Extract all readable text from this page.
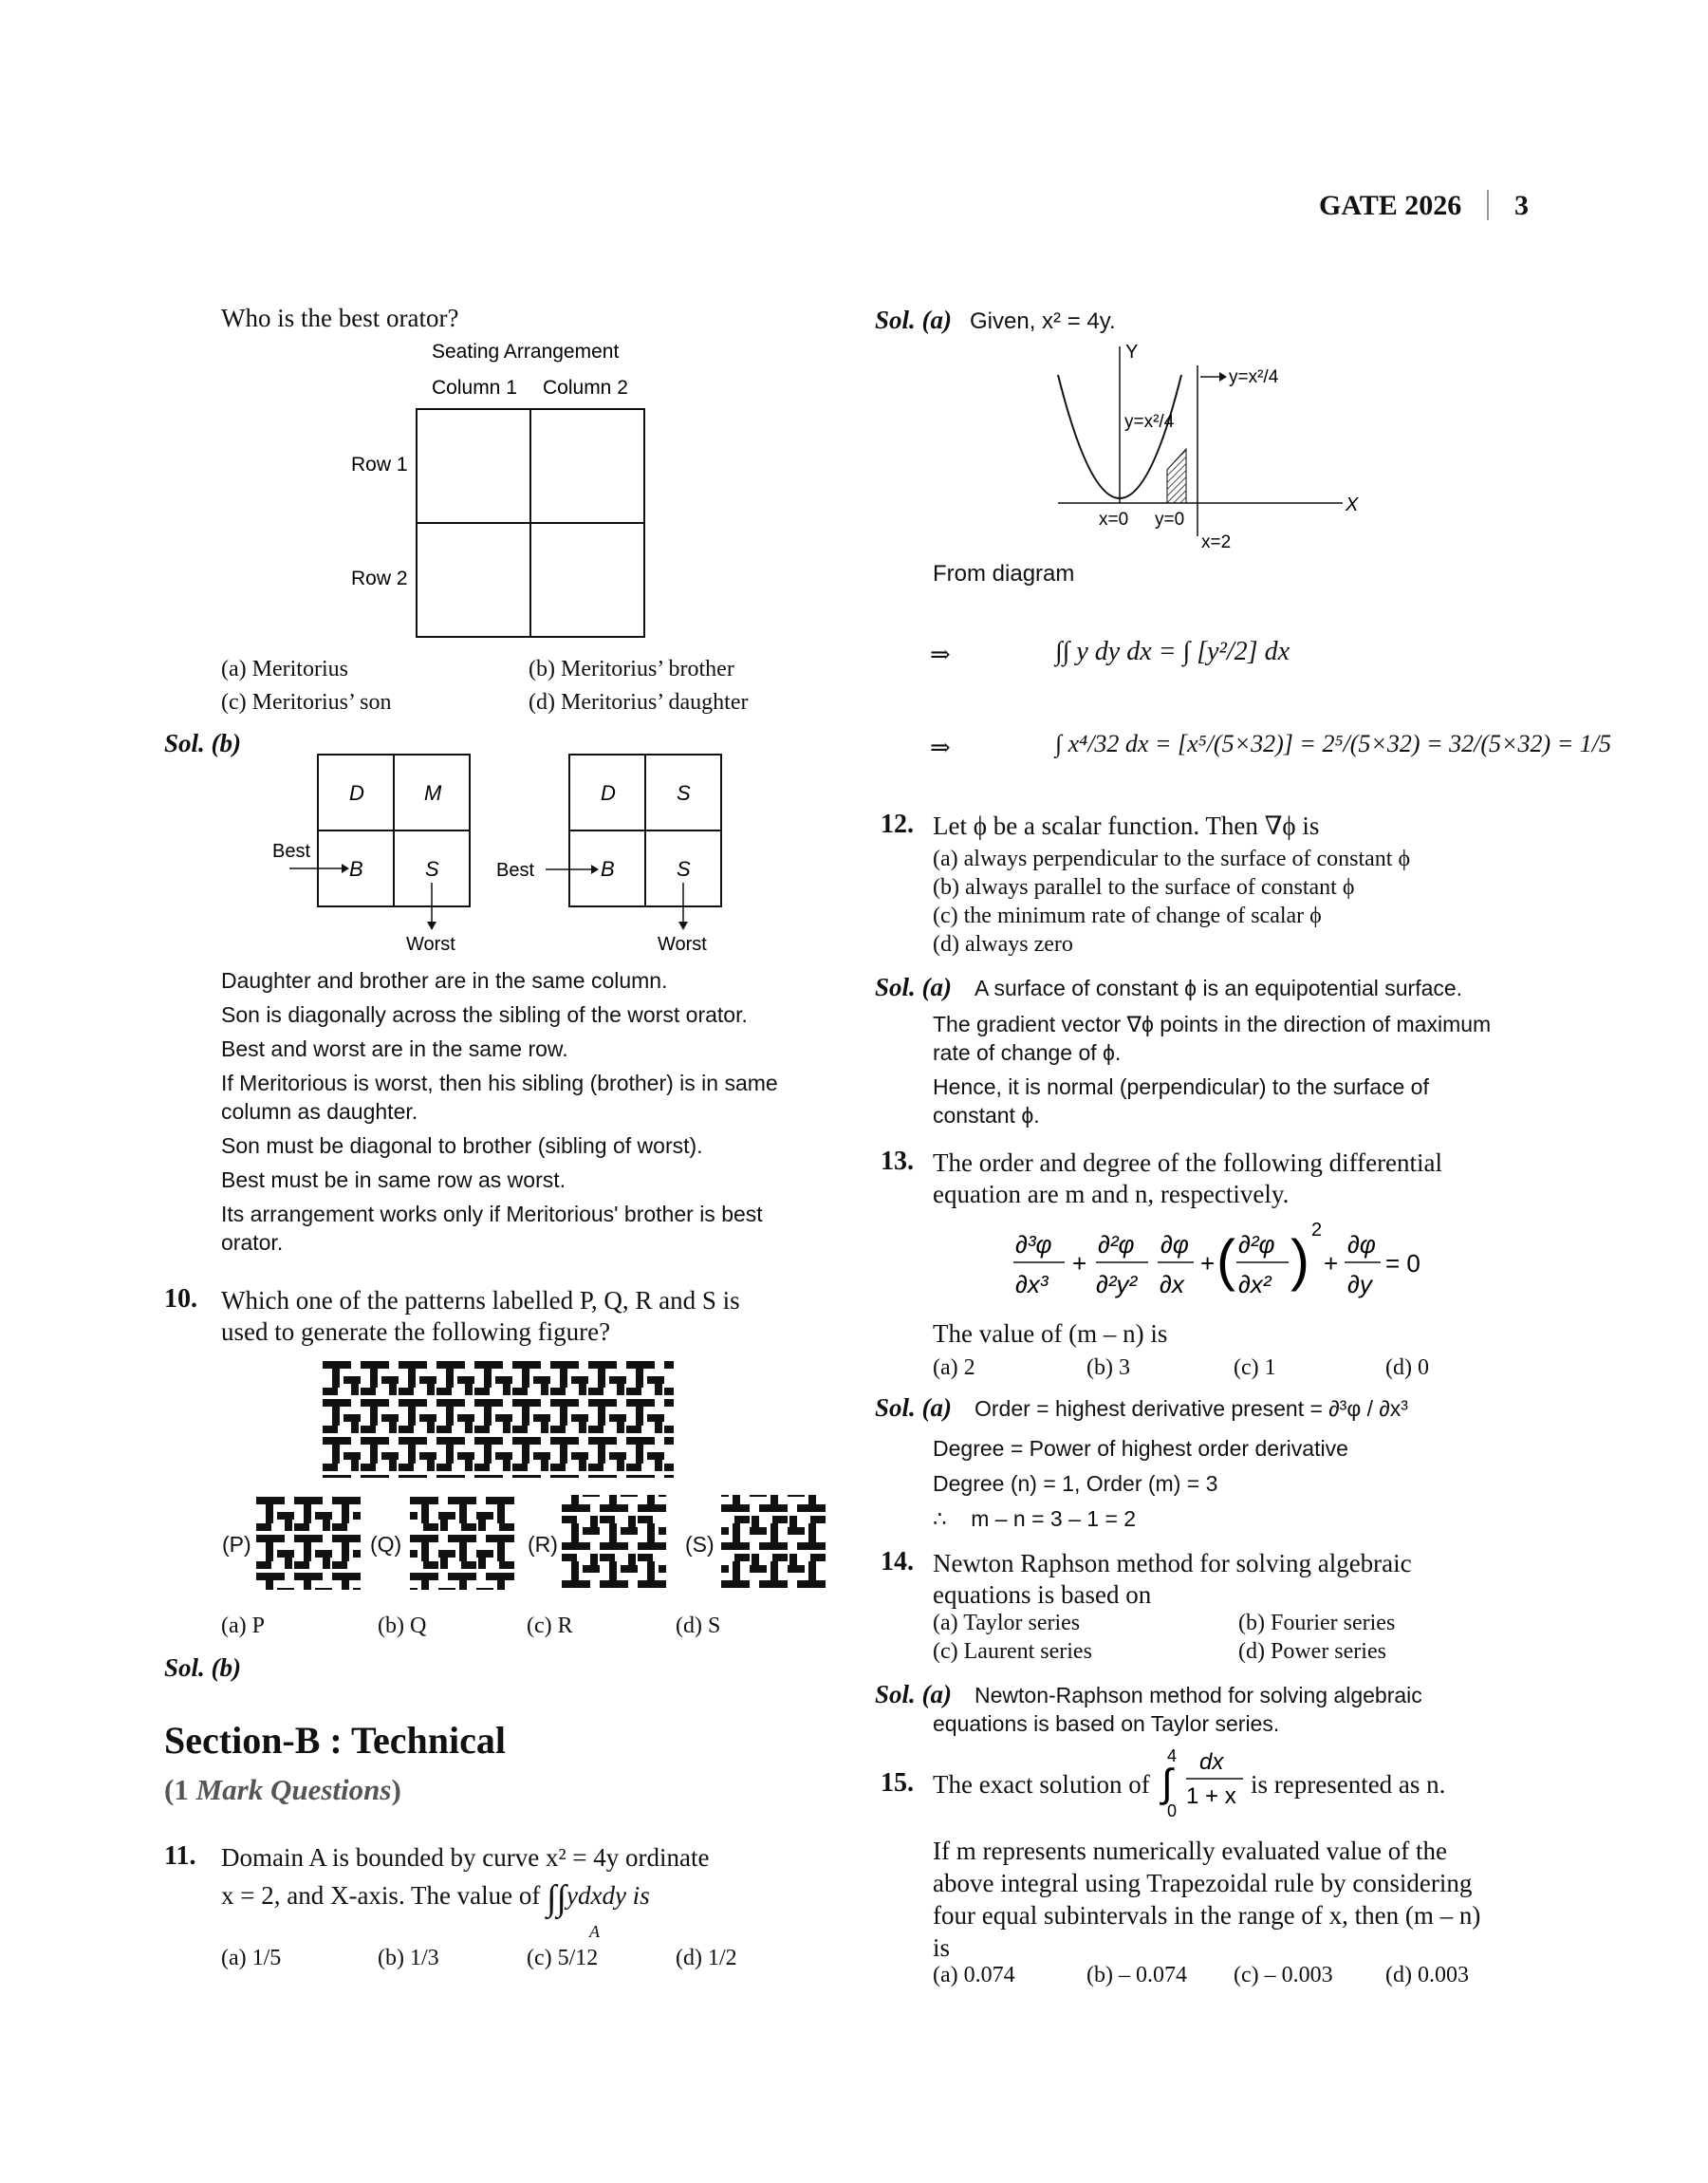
GATE 2026 3
Who is the best orator?
Seating Arrangement
Column 1 Column 2
Row 1
Row 2
(a) Meritorius	(b) Meritorius’ brother
(c) Meritorius’ son	(d) Meritorius’ daughter
Sol. (b)
D	M
B	S
Best
Worst
D	S
B	S
Best
Worst
Daughter and brother are in the same column.
Son is diagonally across the sibling of the worst orator.
Best and worst are in the same row.
If Meritorious is worst, then his sibling (brother) is in same
column as daughter.
Son must be diagonal to brother (sibling of worst).
Best must be in same row as worst.
Its arrangement works only if Meritorious' brother is best
orator.
10. Which one of the patterns labelled P, Q, R and S is
used to generate the following figure?
(P)	(Q)	(R)	(S)
(a) P	(b) Q	(c) R	(d) S
Sol. (b)
Section-B : Technical
(1 Mark Questions)
11. Domain A is bounded by curve x² = 4y ordinate
x = 2, and X-axis. The value of ∫∫ydxdy is
A
(a) 1/5	(b) 1/3	(c) 5/12	(d) 1/2
Sol. (a) Given, x² = 4y.
Y
X
y=x²/4
y=x²/4
x=0 y=0
x=2
From diagram
⇒	∫∫ y dy dx = ∫ [y²/2] dx
⇒	∫ x⁴/32 dx = [x⁵/(5×32)] = 2⁵/(5×32) = 32/(5×32) = 1/5
12. Let ϕ be a scalar function. Then ∇ϕ is
(a) always perpendicular to the surface of constant ϕ
(b) always parallel to the surface of constant ϕ
(c) the minimum rate of change of scalar ϕ
(d) always zero
Sol. (a) A surface of constant ϕ is an equipotential surface.
The gradient vector ∇ϕ points in the direction of maximum
rate of change of ϕ.
Hence, it is normal (perpendicular) to the surface of
constant ϕ.
13. The order and degree of the following differential
equation are m and n, respectively.
∂³φ
∂x³
+
∂²φ
∂²y²
∂φ
∂x
+ ( ∂²φ
∂x² ) 2
+
∂φ
∂y
= 0
The value of (m – n) is
(a) 2	(b) 3	(c) 1	(d) 0
Sol. (a) Order = highest derivative present = ∂³φ / ∂x³
Degree = Power of highest order derivative
Degree (n) = 1, Order (m) = 3
∴    m – n = 3 – 1 = 2
14. Newton Raphson method for solving algebraic
equations is based on
(a) Taylor series	(b) Fourier series
(c) Laurent series	(d) Power series
Sol. (a) Newton-Raphson method for solving algebraic
equations is based on Taylor series.
15. The exact solution of
4
∫
0
dx
1 + x is represented as n.
If m represents numerically evaluated value of the
above integral using Trapezoidal rule by considering
four equal subintervals in the range of x, then (m – n)
is
(a) 0.074	(b) – 0.074 (c) – 0.003 (d) 0.003
